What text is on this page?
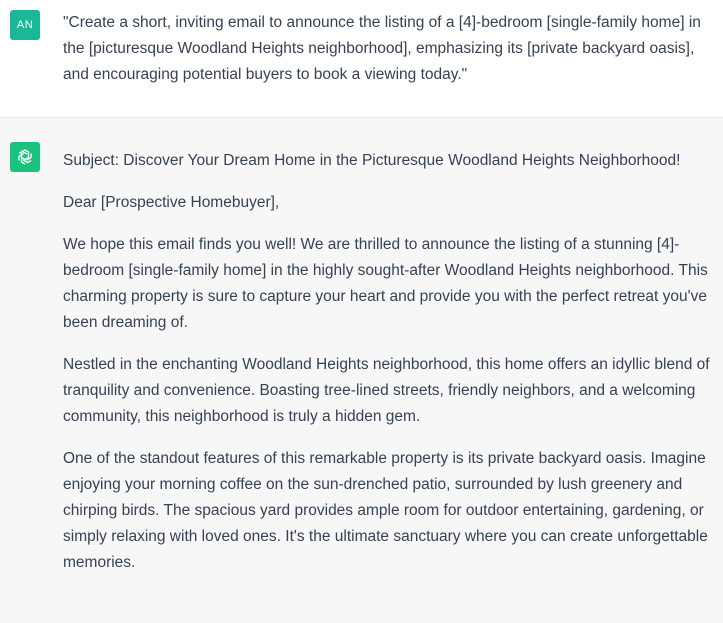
AN "Create a short, inviting email to announce the listing of a [4]-bedroom [single-family home] in the [picturesque Woodland Heights neighborhood], emphasizing its [private backyard oasis], and encouraging potential buyers to book a viewing today."

Subject: Discover Your Dream Home in the Picturesque Woodland Heights Neighborhood!

Dear [Prospective Homebuyer],

We hope this email finds you well! We are thrilled to announce the listing of a stunning [4]-bedroom [single-family home] in the highly sought-after Woodland Heights neighborhood. This charming property is sure to capture your heart and provide you with the perfect retreat you've been dreaming of.

Nestled in the enchanting Woodland Heights neighborhood, this home offers an idyllic blend of tranquility and convenience. Boasting tree-lined streets, friendly neighbors, and a welcoming community, this neighborhood is truly a hidden gem.

One of the standout features of this remarkable property is its private backyard oasis. Imagine enjoying your morning coffee on the sun-drenched patio, surrounded by lush greenery and chirping birds. The spacious yard provides ample room for outdoor entertaining, gardening, or simply relaxing with loved ones. It's the ultimate sanctuary where you can create unforgettable memories.
